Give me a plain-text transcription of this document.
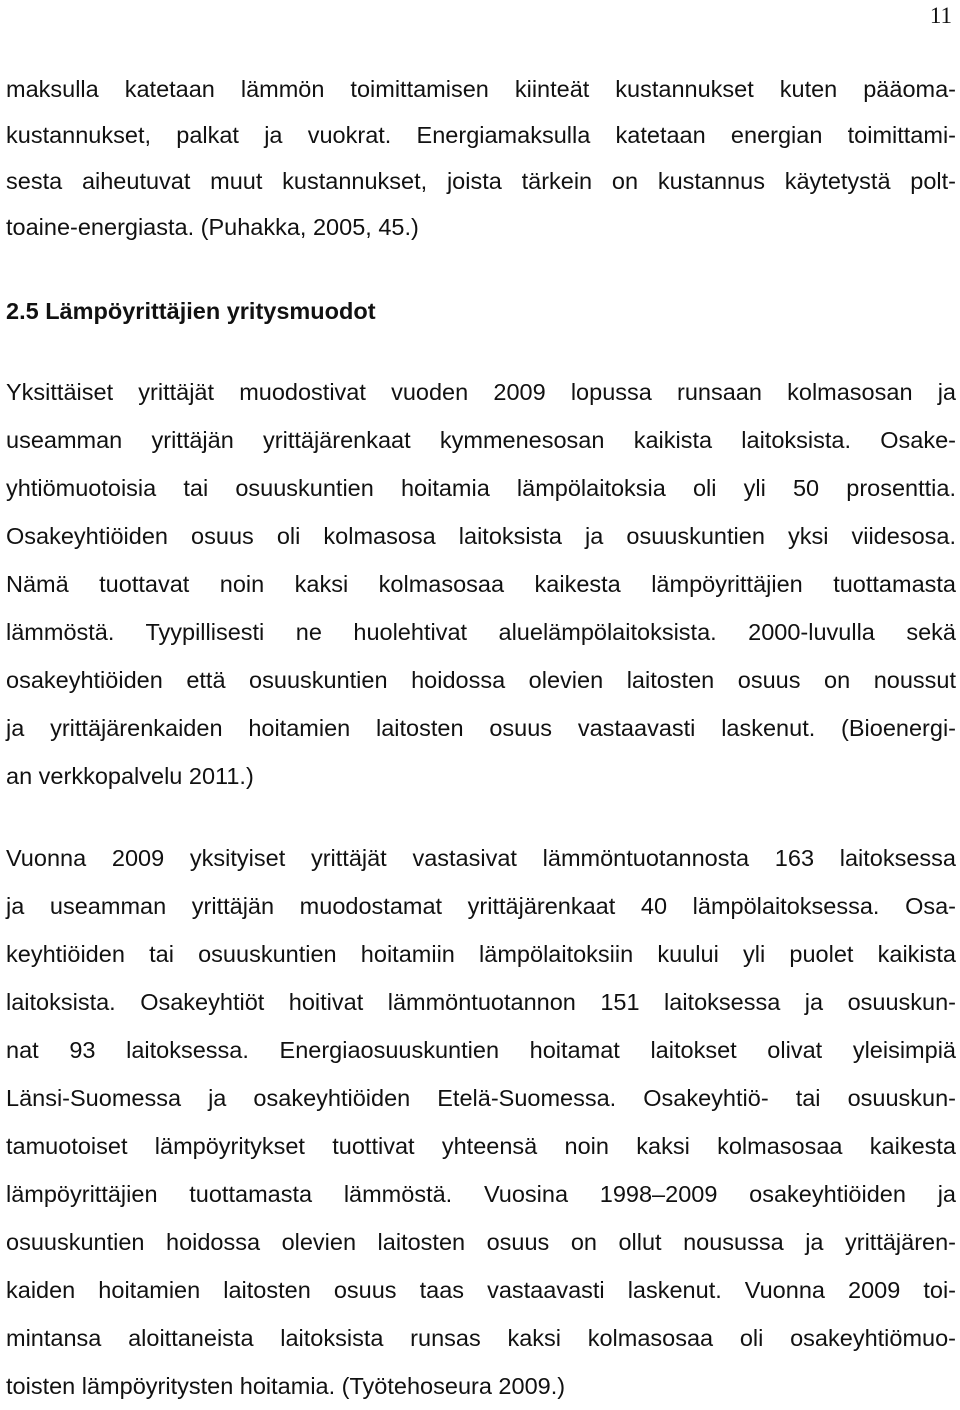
11
maksulla katetaan lämmön toimittamisen kiinteät kustannukset kuten pääoma-
kustannukset, palkat ja vuokrat. Energiamaksulla katetaan energian toimittami-
sesta aiheutuvat muut kustannukset, joista tärkein on kustannus käytetystä polt-
toaine-energiasta. (Puhakka, 2005, 45.)
2.5 Lämpöyrittäjien yritysmuodot
Yksittäiset yrittäjät muodostivat vuoden 2009 lopussa runsaan kolmasosan ja
useamman yrittäjän yrittäjärenkaat kymmenesosan kaikista laitoksista. Osake-
yhtiömuotoisia tai osuuskuntien hoitamia lämpölaitoksia oli yli 50 prosenttia.
Osakeyhtiöiden osuus oli kolmasosa laitoksista ja osuuskuntien yksi viidesosa.
Nämä tuottavat noin kaksi kolmasosaa kaikesta lämpöyrittäjien tuottamasta
lämmöstä. Tyypillisesti ne huolehtivat aluelämpölaitoksista. 2000-luvulla sekä
osakeyhtiöiden että osuuskuntien hoidossa olevien laitosten osuus on noussut
ja yrittäjärenkaiden hoitamien laitosten osuus vastaavasti laskenut. (Bioenergi-
an verkkopalvelu 2011.)
Vuonna 2009 yksityiset yrittäjät vastasivat lämmöntuotannosta 163 laitoksessa
ja useamman yrittäjän muodostamat yrittäjärenkaat 40 lämpölaitoksessa. Osa-
keyhtiöiden tai osuuskuntien hoitamiin lämpölaitoksiin kuului yli puolet kaikista
laitoksista. Osakeyhtiöt hoitivat lämmöntuotannon 151 laitoksessa ja osuuskun-
nat 93 laitoksessa. Energiaosuuskuntien hoitamat laitokset olivat yleisimpiä
Länsi-Suomessa ja osakeyhtiöiden Etelä-Suomessa. Osakeyhtiö- tai osuuskun-
tamuotoiset lämpöyritykset tuottivat yhteensä noin kaksi kolmasosaa kaikesta
lämpöyrittäjien tuottamasta lämmöstä. Vuosina 1998–2009 osakeyhtiöiden ja
osuuskuntien hoidossa olevien laitosten osuus on ollut nousussa ja yrittäjären-
kaiden hoitamien laitosten osuus taas vastaavasti laskenut. Vuonna 2009 toi-
mintansa aloittaneista laitoksista runsas kaksi kolmasosaa oli osakeyhtiömuo-
toisten lämpöyritysten hoitamia. (Työtehoseura 2009.)
